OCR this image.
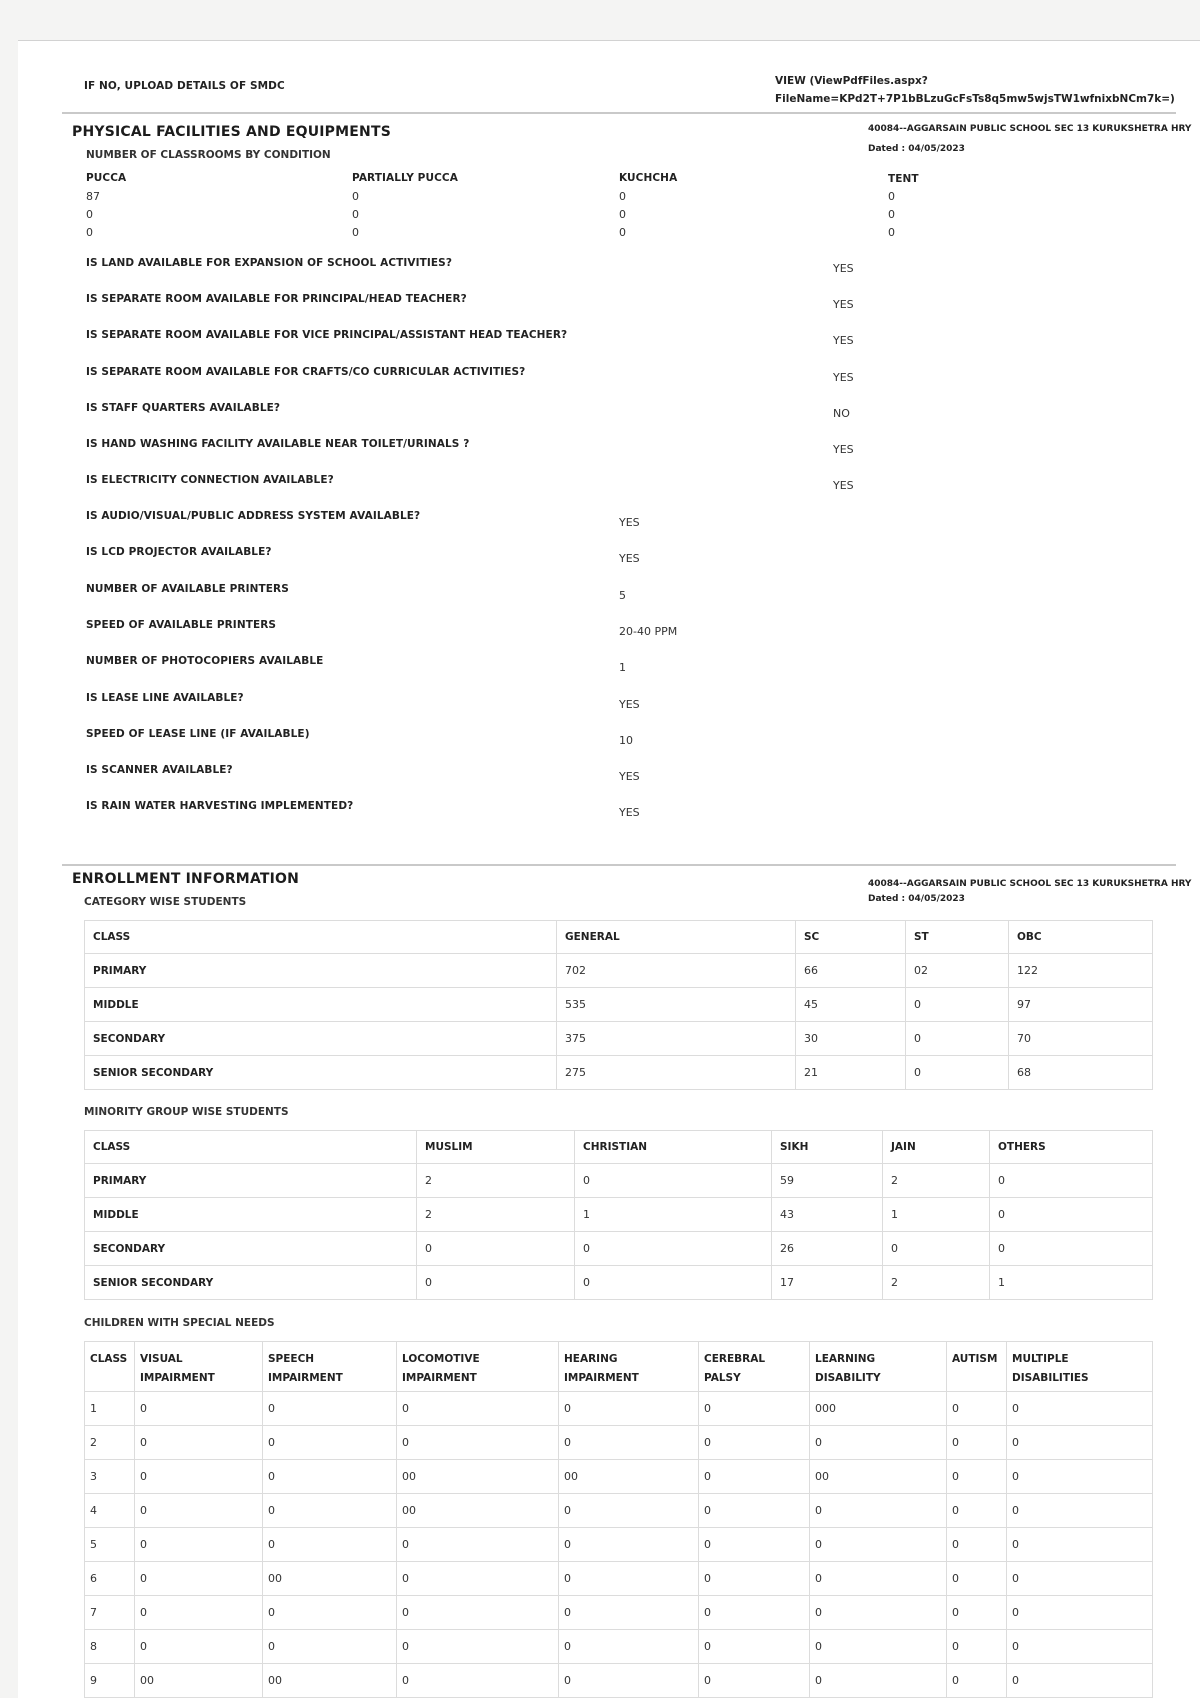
IF NO, UPLOAD DETAILS OF SMDC	VIEW (ViewPdfFiles.aspx?
FileName=KPd2T+7P1bBLzuGcFsTs8q5mw5wjsTW1wfnixbNCm7k=)
PHYSICAL FACILITIES AND EQUIPMENTS	40084--AGGARSAIN PUBLIC SCHOOL SEC 13 KURUKSHETRA HRY
Dated : 04/05/2023
NUMBER OF CLASSROOMS BY CONDITION
PUCCA	PARTIALLY PUCCA	KUCHCHA	TENT
87	0	0	0
0	0	0	0
0	0	0	0
IS LAND AVAILABLE FOR EXPANSION OF SCHOOL ACTIVITIES?	YES
IS SEPARATE ROOM AVAILABLE FOR PRINCIPAL/HEAD TEACHER?	YES
IS SEPARATE ROOM AVAILABLE FOR VICE PRINCIPAL/ASSISTANT HEAD TEACHER?	YES
IS SEPARATE ROOM AVAILABLE FOR CRAFTS/CO CURRICULAR ACTIVITIES?	YES
IS STAFF QUARTERS AVAILABLE?	NO
IS HAND WASHING FACILITY AVAILABLE NEAR TOILET/URINALS ?	YES
IS ELECTRICITY CONNECTION AVAILABLE?	YES
IS AUDIO/VISUAL/PUBLIC ADDRESS SYSTEM AVAILABLE?	YES
IS LCD PROJECTOR AVAILABLE?	YES
NUMBER OF AVAILABLE PRINTERS	5
SPEED OF AVAILABLE PRINTERS	20-40 PPM
NUMBER OF PHOTOCOPIERS AVAILABLE	1
IS LEASE LINE AVAILABLE?	YES
SPEED OF LEASE LINE (IF AVAILABLE)	10
IS SCANNER AVAILABLE?	YES
IS RAIN WATER HARVESTING IMPLEMENTED?	YES
ENROLLMENT INFORMATION	40084--AGGARSAIN PUBLIC SCHOOL SEC 13 KURUKSHETRA HRY
Dated : 04/05/2023
CATEGORY WISE STUDENTS
CLASS	GENERAL	SC	ST	OBC
PRIMARY	702	66	02	122
MIDDLE	535	45	0	97
SECONDARY	375	30	0	70
SENIOR SECONDARY	275	21	0	68
MINORITY GROUP WISE STUDENTS
CLASS	MUSLIM	CHRISTIAN	SIKH	JAIN	OTHERS
PRIMARY	2	0	59	2	0
MIDDLE	2	1	43	1	0
SECONDARY	0	0	26	0	0
SENIOR SECONDARY	0	0	17	2	1
CHILDREN WITH SPECIAL NEEDS
CLASS	VISUAL IMPAIRMENT	SPEECH IMPAIRMENT	LOCOMOTIVE IMPAIRMENT	HEARING IMPAIRMENT	CEREBRAL PALSY	LEARNING DISABILITY	AUTISM	MULTIPLE DISABILITIES
1	0	0	0	0	0	000	0	0
2	0	0	0	0	0	0	0	0
3	0	0	00	00	0	00	0	0
4	0	0	00	0	0	0	0	0
5	0	0	0	0	0	0	0	0
6	0	00	0	0	0	0	0	0
7	0	0	0	0	0	0	0	0
8	0	0	0	0	0	0	0	0
9	00	00	0	0	0	0	0	0
